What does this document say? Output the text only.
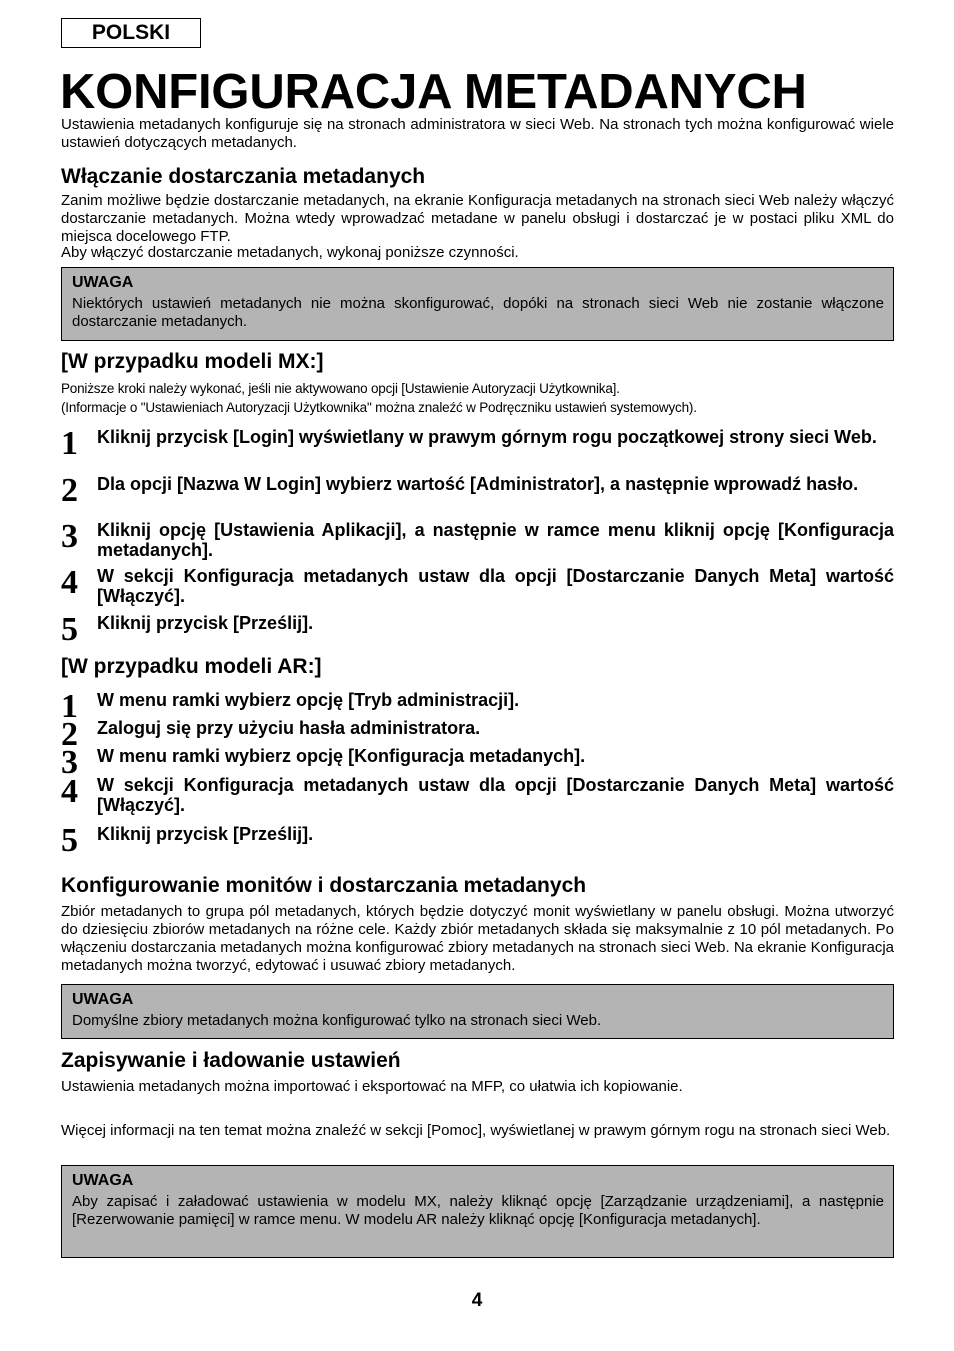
POLSKI
KONFIGURACJA METADANYCH

Ustawienia metadanych konfiguruje się na stronach administratora w sieci Web. Na stronach tych można konfigurować wiele ustawień dotyczących metadanych.

Włączanie dostarczania metadanych

Zanim możliwe będzie dostarczanie metadanych, na ekranie Konfiguracja metadanych na stronach sieci Web należy włączyć dostarczanie metadanych. Można wtedy wprowadzać metadane w panelu obsługi i dostarczać je w postaci pliku XML do miejsca docelowego FTP.

Aby włączyć dostarczanie metadanych, wykonaj poniższe czynności.

UWAGA

Niektórych ustawień metadanych nie można skonfigurować, dopóki na stronach sieci Web nie zostanie włączone dostarczanie metadanych.

[W przypadku modeli MX:]

Poniższe kroki należy wykonać, jeśli nie aktywowano opcji [Ustawienie Autoryzacji Użytkownika].

(Informacje o "Ustawieniach Autoryzacji Użytkownika" można znaleźć w Podręczniku ustawień systemowych).

1 Kliknij przycisk [Login] wyświetlany w prawym górnym rogu początkowej strony sieci Web.

2 Dla opcji [Nazwa W Login] wybierz wartość [Administrator], a następnie wprowadź hasło.

3 Kliknij opcję [Ustawienia Aplikacji], a następnie w ramce menu kliknij opcję [Konfiguracja metadanych].

4 W sekcji Konfiguracja metadanych ustaw dla opcji [Dostarczanie Danych Meta] wartość [Włączyć].

5 Kliknij przycisk [Prześlij].

[W przypadku modeli AR:]
1 W menu ramki wybierz opcję [Tryb administracji].

2 Zaloguj się przy użyciu hasła administratora.

3 W menu ramki wybierz opcję [Konfiguracja metadanych].

4 W sekcji Konfiguracja metadanych ustaw dla opcji [Dostarczanie Danych Meta] wartość [Włączyć].

5 Kliknij przycisk [Prześlij].

Konfigurowanie monitów i dostarczania metadanych

Zbiór metadanych to grupa pól metadanych, których będzie dotyczyć monit wyświetlany w panelu obsługi. Można utworzyć do dziesięciu zbiorów metadanych na różne cele. Każdy zbiór metadanych składa się maksymalnie z 10 pól metadanych. Po włączeniu dostarczania metadanych można konfigurować zbiory metadanych na stronach sieci Web. Na ekranie Konfiguracja metadanych można tworzyć, edytować i usuwać zbiory metadanych.

UWAGA

Domyślne zbiory metadanych można konfigurować tylko na stronach sieci Web.

Zapisywanie i ładowanie ustawień

Ustawienia metadanych można importować i eksportować na MFP, co ułatwia ich kopiowanie.

Więcej informacji na ten temat można znaleźć w sekcji [Pomoc], wyświetlanej w prawym górnym rogu na stronach sieci Web.

UWAGA

Aby zapisać i załadować ustawienia w modelu MX, należy kliknąć opcję [Zarządzanie urządzeniami], a następnie [Rezerwowanie pamięci] w ramce menu. W modelu AR należy kliknąć opcję [Konfiguracja metadanych].

4
